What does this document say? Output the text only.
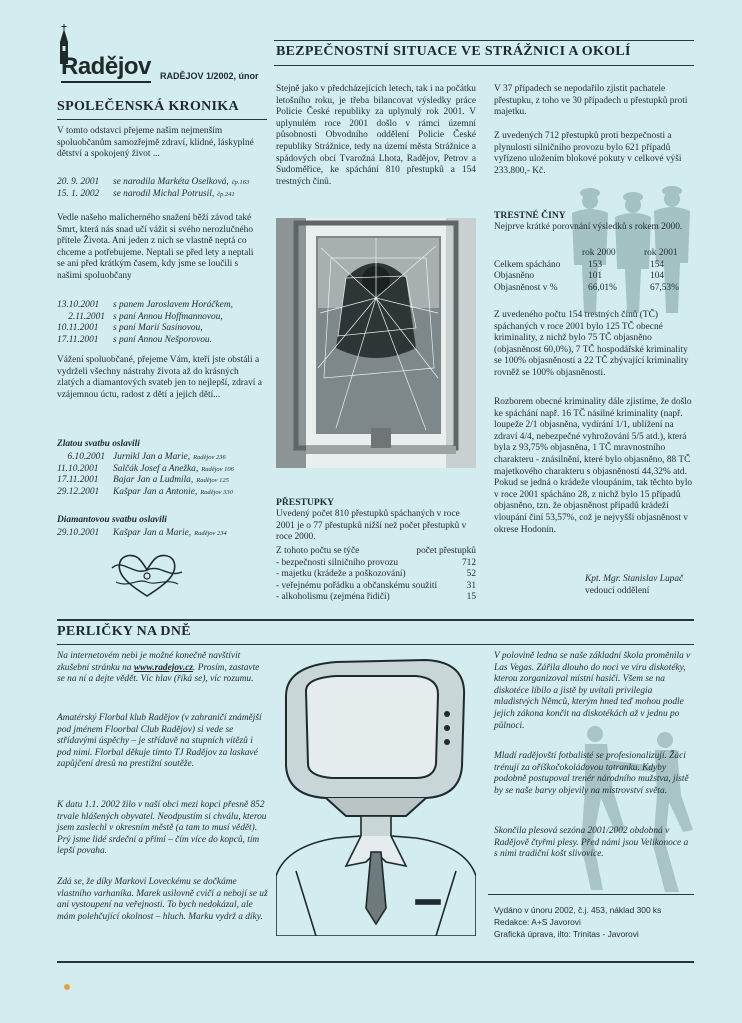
Radějov RADĚJOV 1/2002, únor
SPOLEČENSKÁ KRONIKA

V tomto odstavci přejeme našim nejmenším spoluobčanům samozřejmě zdraví, klidné, láskyplné dětství a spokojený život ...

20. 9. 2001	se narodila Markéta Oselková, čp.163
15. 1. 2002	se narodil Michal Potrusil, čp.241

Vedle našeho malicherného snažení běží závod také Smrt, která nás snad učí vážit si svého nerozlučného přítele Života. Ani jeden z nich se vlastně neptá co chceme a potřebujeme. Neptali se před lety a neptali se ani před krátkým časem, kdy jsme se loučili s našimi spoluobčany

13.10.2001	s panem Jaroslavem Horáčkem,
2.11.2001 s paní Annou Hoffmannovou,
10.11.2001	s paní Marií Sasínovou,
17.11.2001	s paní Annou Nešporovou.

Vážení spoluobčané, přejeme Vám, kteří jste obstáli a vydrželi všechny nástrahy života až do krásných zlatých a diamantových svateb jen to nejlepší, zdraví a vzájemnou úctu, radost z dětí a jejich dětí...

Zlatou svatbu oslavili
6.10.2001 Jurnikl Jan a Marie, Radějov 236
11.10.2001	Salčák Josef a Anežka, Radějov 106
17.11.2001	Bajar Jan a Ludmila, Radějov 125
29.12.2001	Kašpar Jan a Antonie, Radějov 330
Diamantovou svatbu oslavili
29.10.2001	Kašpar Jan a Marie, Radějov 234
BEZPEČNOSTNÍ SITUACE VE STRÁŽNICI A OKOLÍ

Stejně jako v předcházejících letech, tak i na počátku letošního roku, je třeba bilancovat výsledky práce Policie České republiky za uplynulý rok 2001. V uplynulém roce 2001 došlo v rámci územní působnosti Obvodního oddělení Policie České republiky Strážnice, tedy na území města Strážnice a spádových obcí Tvarožná Lhota, Radějov, Petrov a Sudoměřice, ke spáchání 810 přestupků a 154 trestných činů.

PŘESTUPKY

Uvedený počet 810 přestupků spáchaných v roce 2001 je o 77 přestupků nižší než počet přestupků v roce 2000.

Z tohoto počtu se týče	počet přestupků
- bezpečnosti silničního provozu	712
- majetku (krádeže a poškozování)	52
- veřejnému pořádku a občanskému soužití	31
- alkoholismu (zejména řidiči)	15

V 37 případech se nepodařilo zjistit pachatele přestupku, z toho ve 30 případech u přestupků proti majetku.

Z uvedených 712 přestupků proti bezpečnosti a plynulosti silničního provozu bylo 621 případů vyřízeno uložením blokové pokuty v celkové výši 233.800,- Kč.

TRESTNÉ ČINY

Nejprve krátké porovnání výsledků s rokem 2000.

rok 2000	rok 2001
Celkem spácháno	153	154
Objasněno	101	104
Objasněnost v %	66,01%	67,53%

Z uvedeného počtu 154 trestných činů (TČ) spáchaných v roce 2001 bylo 125 TČ obecné kriminality, z nichž bylo 75 TČ objasněno (objasněnost 60,0%), 7 TČ hospodářské kriminality se 100% objasněností a 22 TČ zbývající kriminality rovněž se 100% objasněností.

Rozborem obecné kriminality dále zjistíme, že došlo ke spáchání např. 16 TČ násilné kriminality (např. loupeže 2/1 objasněna, vydírání 1/1, ublížení na zdraví 4/4, nebezpečné vyhrožování 5/5 atd.), která byla z 93,75% objasněna, 1 TČ mravnostního charakteru - znásilnění, které bylo objasněno, 88 TČ majetkového charakteru s objasněností 44,32% atd. Pokud se jedná o krádeže vloupáním, tak těchto bylo v roce 2001 spácháno 28, z nichž bylo 15 případů objasněno, tzn. že objasněnost případů krádeží vloupání činí 53,57%, což je nejvyšší objasněnost v okrese Hodonín.

Kpt. Mgr. Stanislav Lupač
vedoucí oddělení
PERLIČKY NA DNĚ
Na internetovém nebi je možné konečně navštívit zkušební stránku na www.radejov.cz. Prosím, zastavte se na ní a dejte vědět. Víc hlav (říká se), víc rozumu.

Amatérský Florbal klub Radějov (v zahraničí známější pod jménem Floorbal Club Radějov) si vede se střídavými úspěchy – je střídavě na stupních vítězů i pod nimi. Florbal děkuje tímto TJ Radějov za laskavé zapůjčení dresů na prestižní soutěže.

K datu 1.1. 2002 žilo v naší obci mezi kopci přesně 852 trvale hlášených obyvatel. Neodpustím si chválu, kterou jsem zaslechl v okresním městě (a tam to musí vědět). Prý jsme lidé srdeční a přímí – čím více do kopců, tím lepší povaha.

Zdá se, že díky Markovi Loveckému se dočkáme vlastního varhaníka. Marek usilovně cvičí a nebojí se už ani vystoupení na veřejnosti. To bych nedokázal, ale mám polehčující okolnost – hluch. Marku vydrž a díky.

V polovině ledna se naše základní škola proměnila v Las Vegas. Zářila dlouho do noci ve víru diskotéky, kterou zorganizoval místní hasiči. Všem se na diskotéce líbilo a jistě by uvítali privilegia mladistvých Němců, kterým hned teď mohou podle jejich zákona končit na diskotékách až v jednu po půlnoci.

Mladí radějovští fotbalisté se profesionalizují. Žáci trénují za oříškočokoládovou tatranku. Kdyby podobně postupoval trenér národního mužstva, jistě by se naše barvy objevily na mistrovství světa.

Skončila plesová sezóna 2001/2002 obdobná v Radějově čtyřmi plesy. Před námi jsou Velikonoce a s nimi tradiční košt slivovice.

Vydáno v únoru 2002, č.j. 453, náklad 300 ks
Redakce: A+S Javorovi
Grafická úprava, ilto: Trinitas - Javorovi
